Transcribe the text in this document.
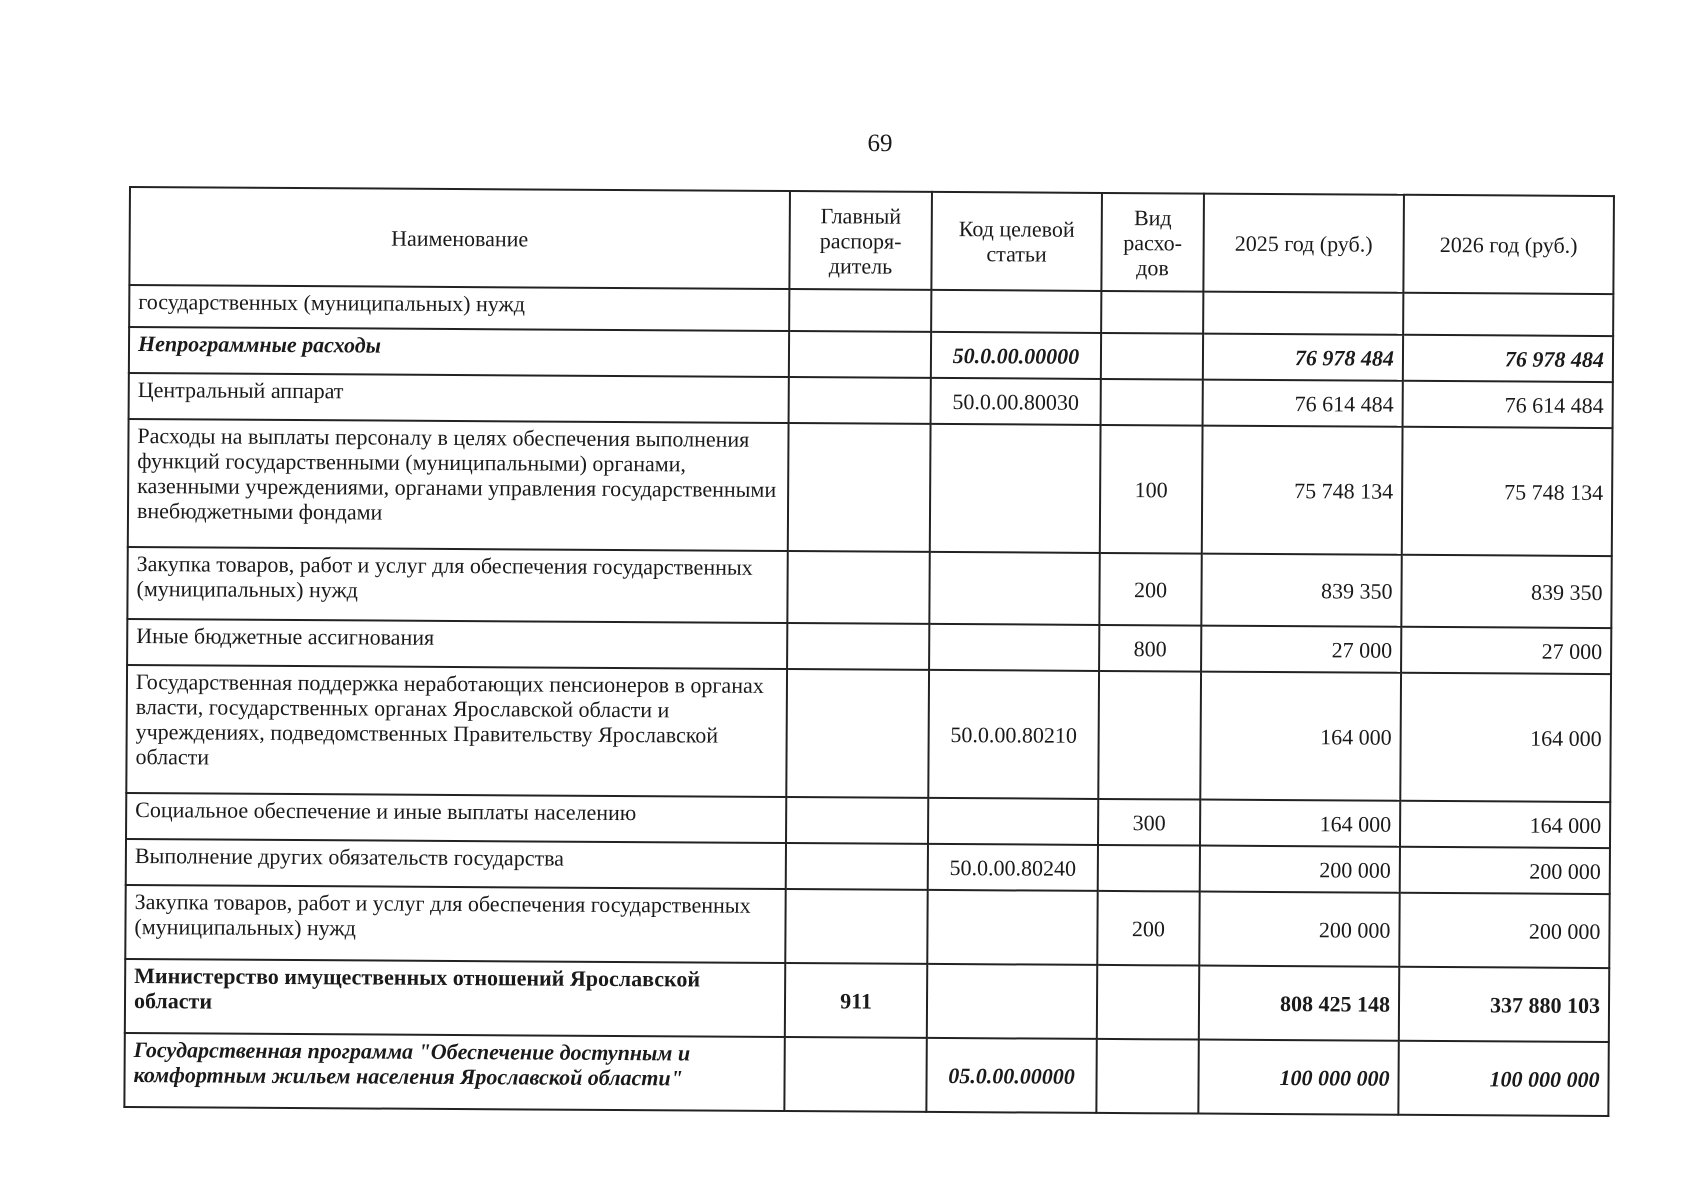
69
Наименование	Главный распоря-дитель	Код целевой статьи	Вид расхо-дов	2025 год (руб.)	2026 год (руб.)
государственных (муниципальных) нужд					
Непрограммные расходы		50.0.00.00000		76 978 484	76 978 484
Центральный аппарат		50.0.00.80030		76 614 484	76 614 484
Расходы на выплаты персоналу в целях обеспечения выполнения функций государственными (муниципальными) органами, казенными учреждениями, органами управления государственными внебюджетными фондами			100	75 748 134	75 748 134
Закупка товаров, работ и услуг для обеспечения государственных (муниципальных) нужд			200	839 350	839 350
Иные бюджетные ассигнования			800	27 000	27 000
Государственная поддержка неработающих пенсионеров в органах власти, государственных органах Ярославской области и учреждениях, подведомственных Правительству Ярославской области		50.0.00.80210		164 000	164 000
Социальное обеспечение и иные выплаты населению			300	164 000	164 000
Выполнение других обязательств государства		50.0.00.80240		200 000	200 000
Закупка товаров, работ и услуг для обеспечения государственных (муниципальных) нужд			200	200 000	200 000
Министерство имущественных отношений Ярославской области	911			808 425 148	337 880 103
Государственная программа "Обеспечение доступным и комфортным жильем населения Ярославской области"		05.0.00.00000		100 000 000	100 000 000
